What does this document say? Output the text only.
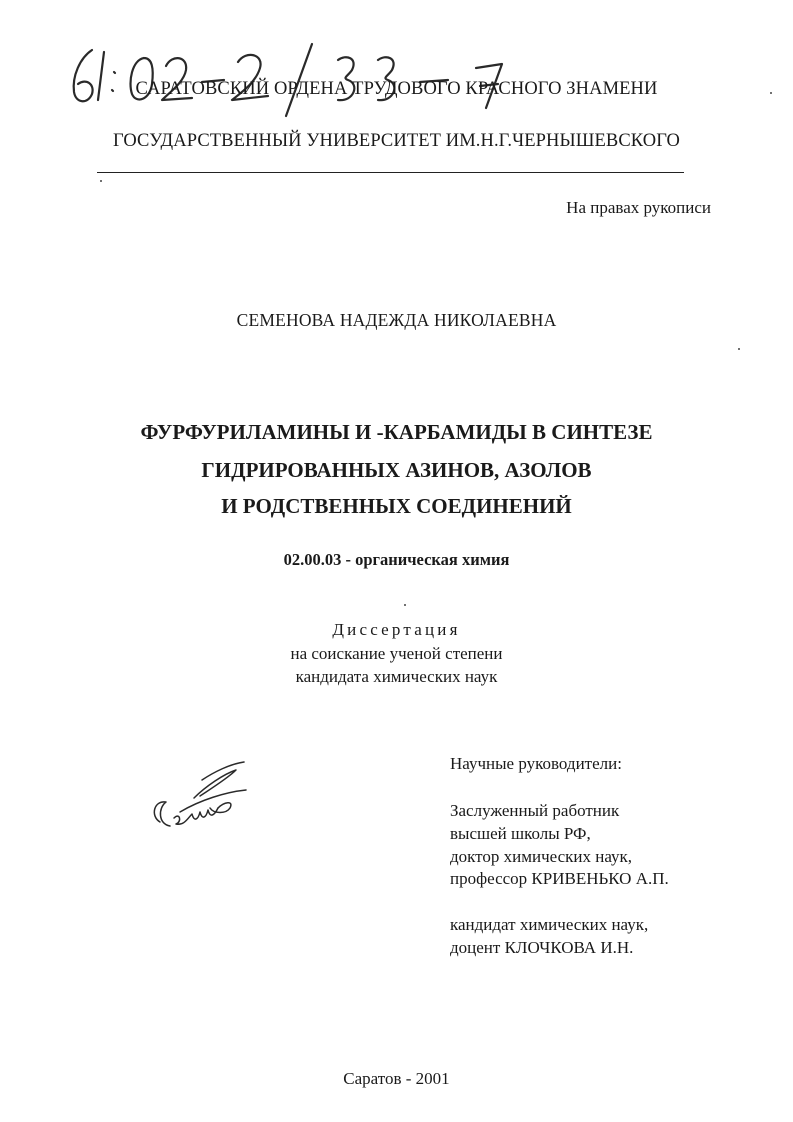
САРАТОВСКИЙ ОРДЕНА ТРУДОВОГО КРАСНОГО ЗНАМЕНИ
ГОСУДАРСТВЕННЫЙ УНИВЕРСИТЕТ ИМ.Н.Г.ЧЕРНЫШЕВСКОГО
На правах рукописи
СЕМЕНОВА НАДЕЖДА НИКОЛАЕВНА
ФУРФУРИЛАМИНЫ И -КАРБАМИДЫ В СИНТЕЗЕ
ГИДРИРОВАННЫХ АЗИНОВ, АЗОЛОВ
И РОДСТВЕННЫХ СОЕДИНЕНИЙ
02.00.03 - органическая химия
Диссертация
на соискание ученой степени
кандидата химических наук
Научные руководители:
Заслуженный работник
высшей школы РФ,
доктор химических наук,
профессор КРИВЕНЬКО А.П.
кандидат химических наук,
доцент КЛОЧКОВА И.Н.
Саратов - 2001
